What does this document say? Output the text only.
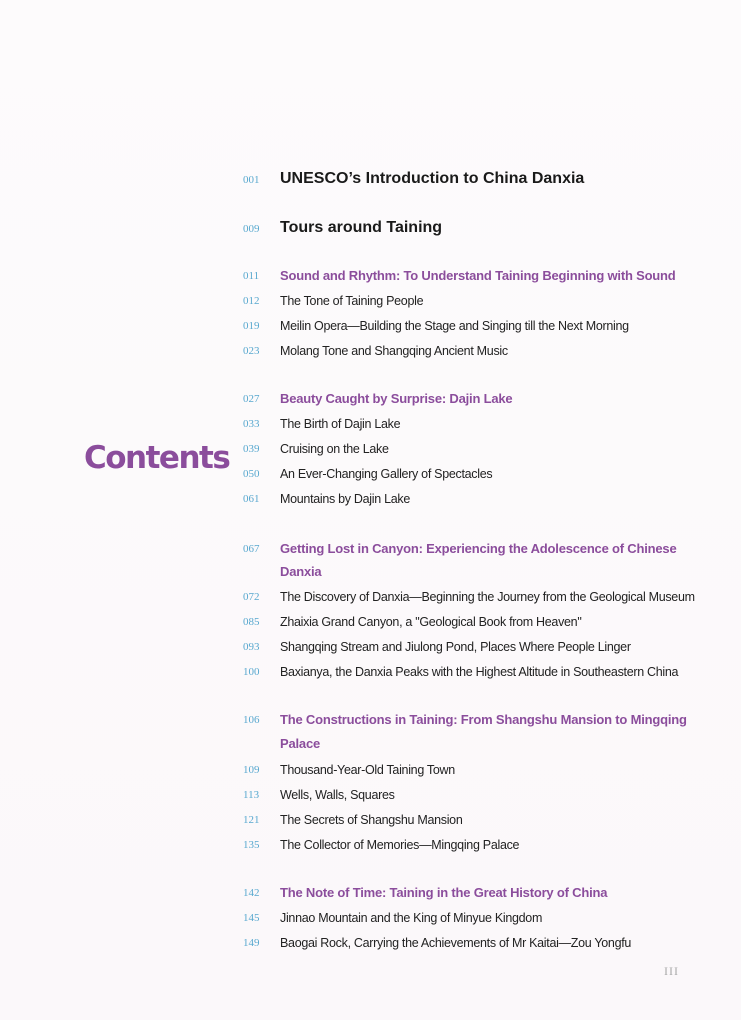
Contents
001 UNESCO’s Introduction to China Danxia
009 Tours around Taining
011 Sound and Rhythm: To Understand Taining Beginning with Sound
012 The Tone of Taining People
019 Meilin Opera—Building the Stage and Singing till the Next Morning
023 Molang Tone and Shangqing Ancient Music
027 Beauty Caught by Surprise: Dajin Lake
033 The Birth of Dajin Lake
039 Cruising on the Lake
050 An Ever-Changing Gallery of Spectacles
061 Mountains by Dajin Lake
067 Getting Lost in Canyon: Experiencing the Adolescence of Chinese
Danxia
072 The Discovery of Danxia—Beginning the Journey from the Geological Museum
085 Zhaixia Grand Canyon, a "Geological Book from Heaven"
093 Shangqing Stream and Jiulong Pond, Places Where People Linger
100 Baxianya, the Danxia Peaks with the Highest Altitude in Southeastern China
106 The Constructions in Taining: From Shangshu Mansion to Mingqing
Palace
109 Thousand-Year-Old Taining Town
113 Wells, Walls, Squares
121 The Secrets of Shangshu Mansion
135 The Collector of Memories—Mingqing Palace
142 The Note of Time: Taining in the Great History of China
145 Jinnao Mountain and the King of Minyue Kingdom
149 Baogai Rock, Carrying the Achievements of Mr Kaitai—Zou Yongfu
III
